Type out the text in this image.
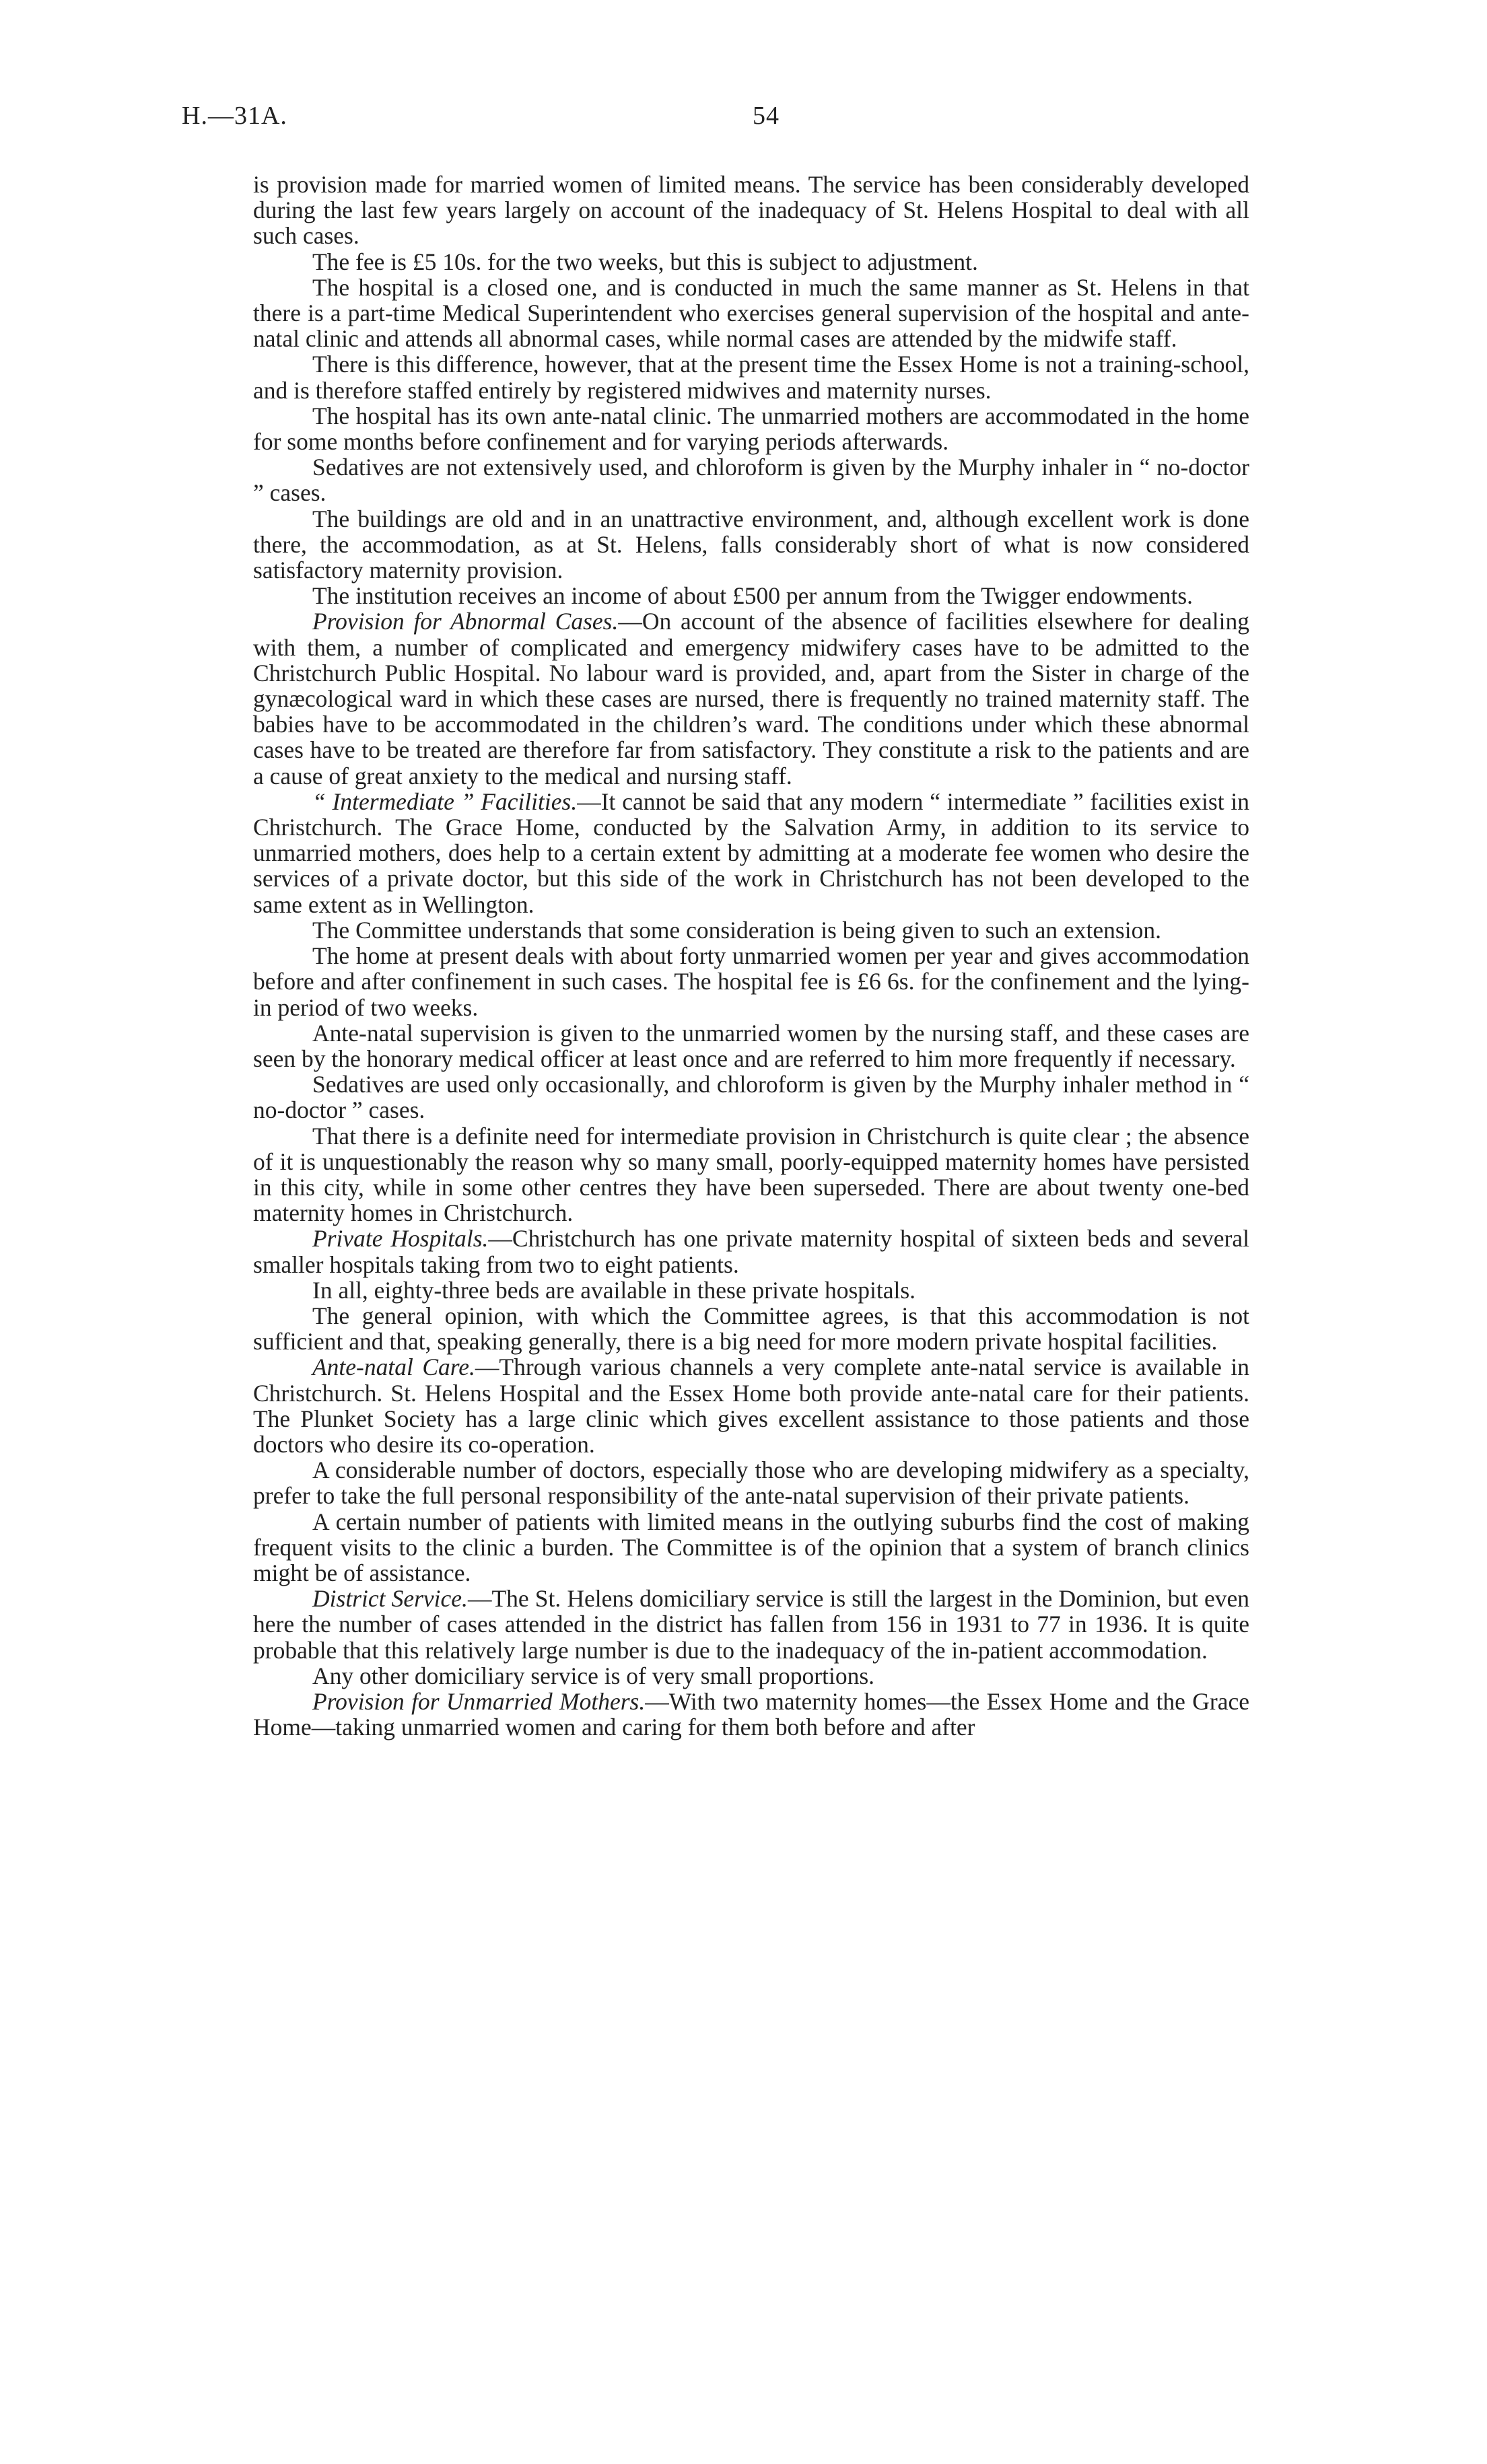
H.—31A.	54

is provision made for married women of limited means. The service has been considerably developed during the last few years largely on account of the inadequacy of St. Helens Hospital to deal with all such cases.

The fee is £5 10s. for the two weeks, but this is subject to adjustment.

The hospital is a closed one, and is conducted in much the same manner as St. Helens in that there is a part-time Medical Superintendent who exercises general supervision of the hospital and ante-natal clinic and attends all abnormal cases, while normal cases are attended by the midwife staff.

There is this difference, however, that at the present time the Essex Home is not a training-school, and is therefore staffed entirely by registered midwives and maternity nurses.

The hospital has its own ante-natal clinic. The unmarried mothers are accommodated in the home for some months before confinement and for varying periods afterwards.

Sedatives are not extensively used, and chloroform is given by the Murphy inhaler in “ no-doctor ” cases.

The buildings are old and in an unattractive environment, and, although excellent work is done there, the accommodation, as at St. Helens, falls considerably short of what is now considered satisfactory maternity provision.

The institution receives an income of about £500 per annum from the Twigger endowments.

Provision for Abnormal Cases.—On account of the absence of facilities elsewhere for dealing with them, a number of complicated and emergency midwifery cases have to be admitted to the Christchurch Public Hospital. No labour ward is provided, and, apart from the Sister in charge of the gynæcological ward in which these cases are nursed, there is frequently no trained maternity staff. The babies have to be accommodated in the children’s ward. The conditions under which these abnormal cases have to be treated are therefore far from satisfactory. They constitute a risk to the patients and are a cause of great anxiety to the medical and nursing staff.

“ Intermediate ” Facilities.—It cannot be said that any modern “ intermediate ” facilities exist in Christchurch. The Grace Home, conducted by the Salvation Army, in addition to its service to unmarried mothers, does help to a certain extent by admitting at a moderate fee women who desire the services of a private doctor, but this side of the work in Christchurch has not been developed to the same extent as in Wellington.

The Committee understands that some consideration is being given to such an extension.

The home at present deals with about forty unmarried women per year and gives accommodation before and after confinement in such cases. The hospital fee is £6 6s. for the confinement and the lying-in period of two weeks.

Ante-natal supervision is given to the unmarried women by the nursing staff, and these cases are seen by the honorary medical officer at least once and are referred to him more frequently if necessary.

Sedatives are used only occasionally, and chloroform is given by the Murphy inhaler method in “ no-doctor ” cases.

That there is a definite need for intermediate provision in Christchurch is quite clear ; the absence of it is unquestionably the reason why so many small, poorly-equipped maternity homes have persisted in this city, while in some other centres they have been superseded. There are about twenty one-bed maternity homes in Christchurch.

Private Hospitals.—Christchurch has one private maternity hospital of sixteen beds and several smaller hospitals taking from two to eight patients.

In all, eighty-three beds are available in these private hospitals.

The general opinion, with which the Committee agrees, is that this accommodation is not sufficient and that, speaking generally, there is a big need for more modern private hospital facilities.

Ante-natal Care.—Through various channels a very complete ante-natal service is available in Christchurch. St. Helens Hospital and the Essex Home both provide ante-natal care for their patients. The Plunket Society has a large clinic which gives excellent assistance to those patients and those doctors who desire its co-operation.

A considerable number of doctors, especially those who are developing midwifery as a specialty, prefer to take the full personal responsibility of the ante-natal supervision of their private patients.

A certain number of patients with limited means in the outlying suburbs find the cost of making frequent visits to the clinic a burden. The Committee is of the opinion that a system of branch clinics might be of assistance.

District Service.—The St. Helens domiciliary service is still the largest in the Dominion, but even here the number of cases attended in the district has fallen from 156 in 1931 to 77 in 1936. It is quite probable that this relatively large number is due to the inadequacy of the in-patient accommodation.

Any other domiciliary service is of very small proportions.

Provision for Unmarried Mothers.—With two maternity homes—the Essex Home and the Grace Home—taking unmarried women and caring for them both before and after
